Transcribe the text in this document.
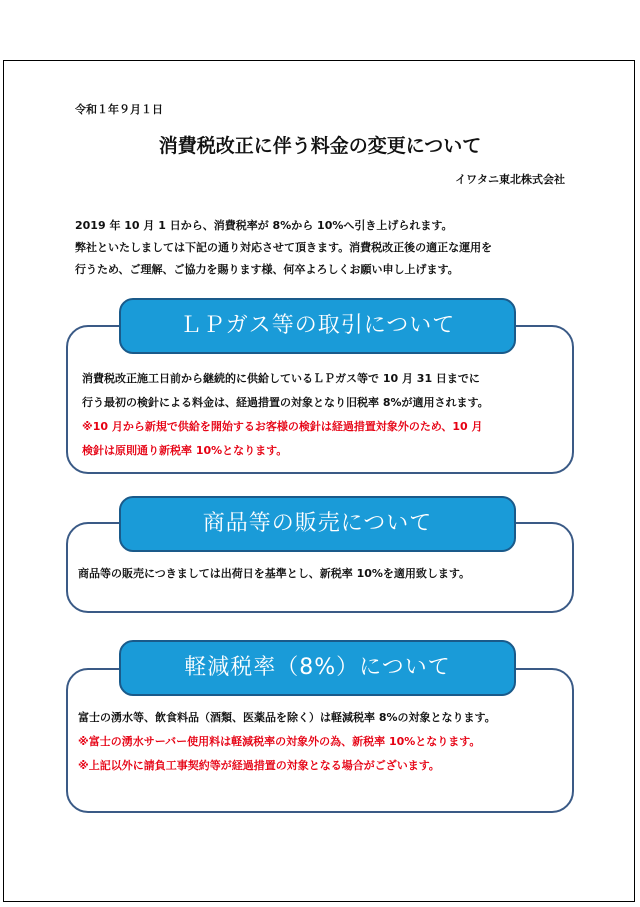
令和１年９月１日
消費税改正に伴う料金の変更について
イワタニ東北株式会社

2019 年 10 月 1 日から、消費税率が 8%から 10%へ引き上げられます。

弊社といたしましては下記の通り対応させて頂きます。消費税改正後の適正な運用を

行うため、ご理解、ご協力を賜ります様、何卒よろしくお願い申し上げます。

消費税改正施工日前から継続的に供給しているＬＰガス等で 10 月 31 日までに

行う最初の検針による料金は、経過措置の対象となり旧税率 8%が適用されます。

※10 月から新規で供給を開始するお客様の検針は経過措置対象外のため、10 月

検針は原則通り新税率 10%となります。

ＬＰガス等の取引について

商品等の販売につきましては出荷日を基準とし、新税率 10%を適用致します。

商品等の販売について

富士の湧水等、飲食料品（酒類、医薬品を除く）は軽減税率 8%の対象となります。

※富士の湧水サーバー使用料は軽減税率の対象外の為、新税率 10%となります。

※上記以外に請負工事契約等が経過措置の対象となる場合がございます。

軽減税率（8%）について
